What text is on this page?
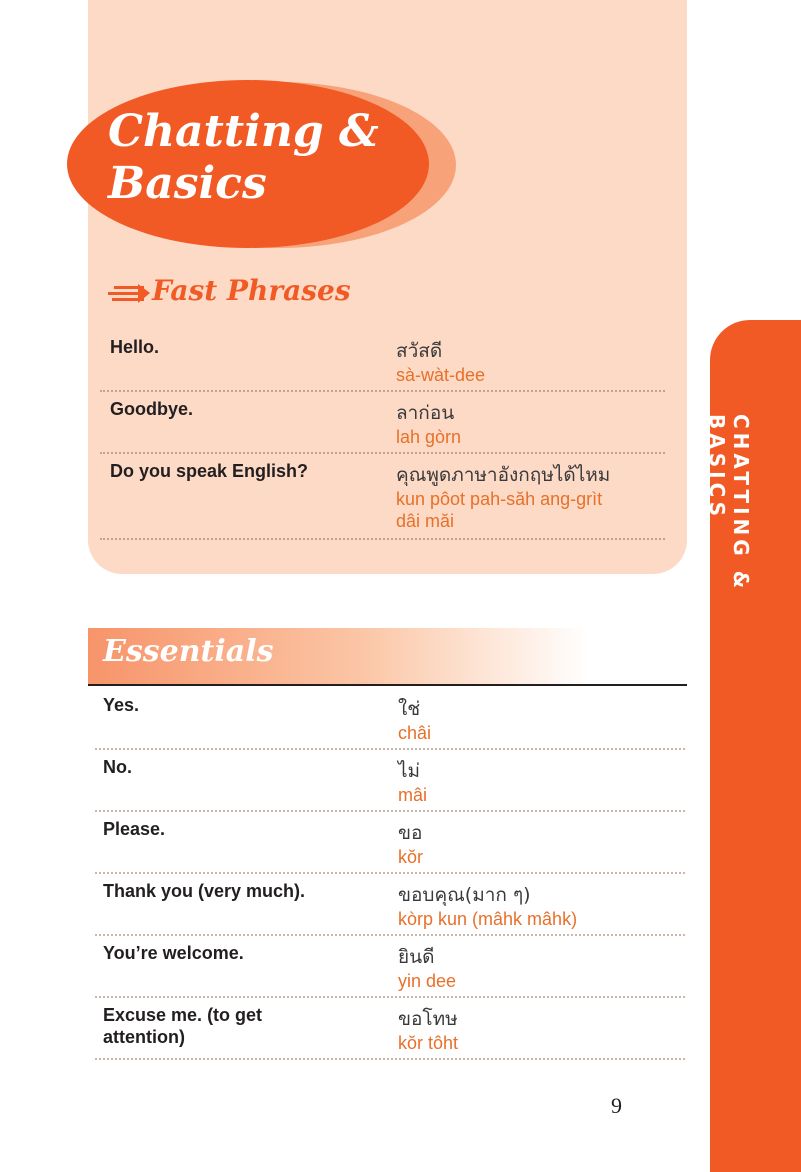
Chatting &
Basics
Fast Phrases
Hello.	สวัสดี
sà-wàt-dee
Goodbye.	ลาก่อน
lah gòrn
Do you speak English?	คุณพูดภาษาอังกฤษได้ไหม
kun pôot pah-săh ang-grìt
dâi măi
Essentials
Yes.	ใช่
châi
No.	ไม่
mâi
Please.	ขอ
kŏr
Thank you (very much).	ขอบคุณ(มาก ๆ)
kòrp kun (mâhk mâhk)
You’re welcome.	ยินดี
yin dee
Excuse me. (to get
attention)
ขอโทษ
kŏr tôht
9
CHATTING & BASICS
